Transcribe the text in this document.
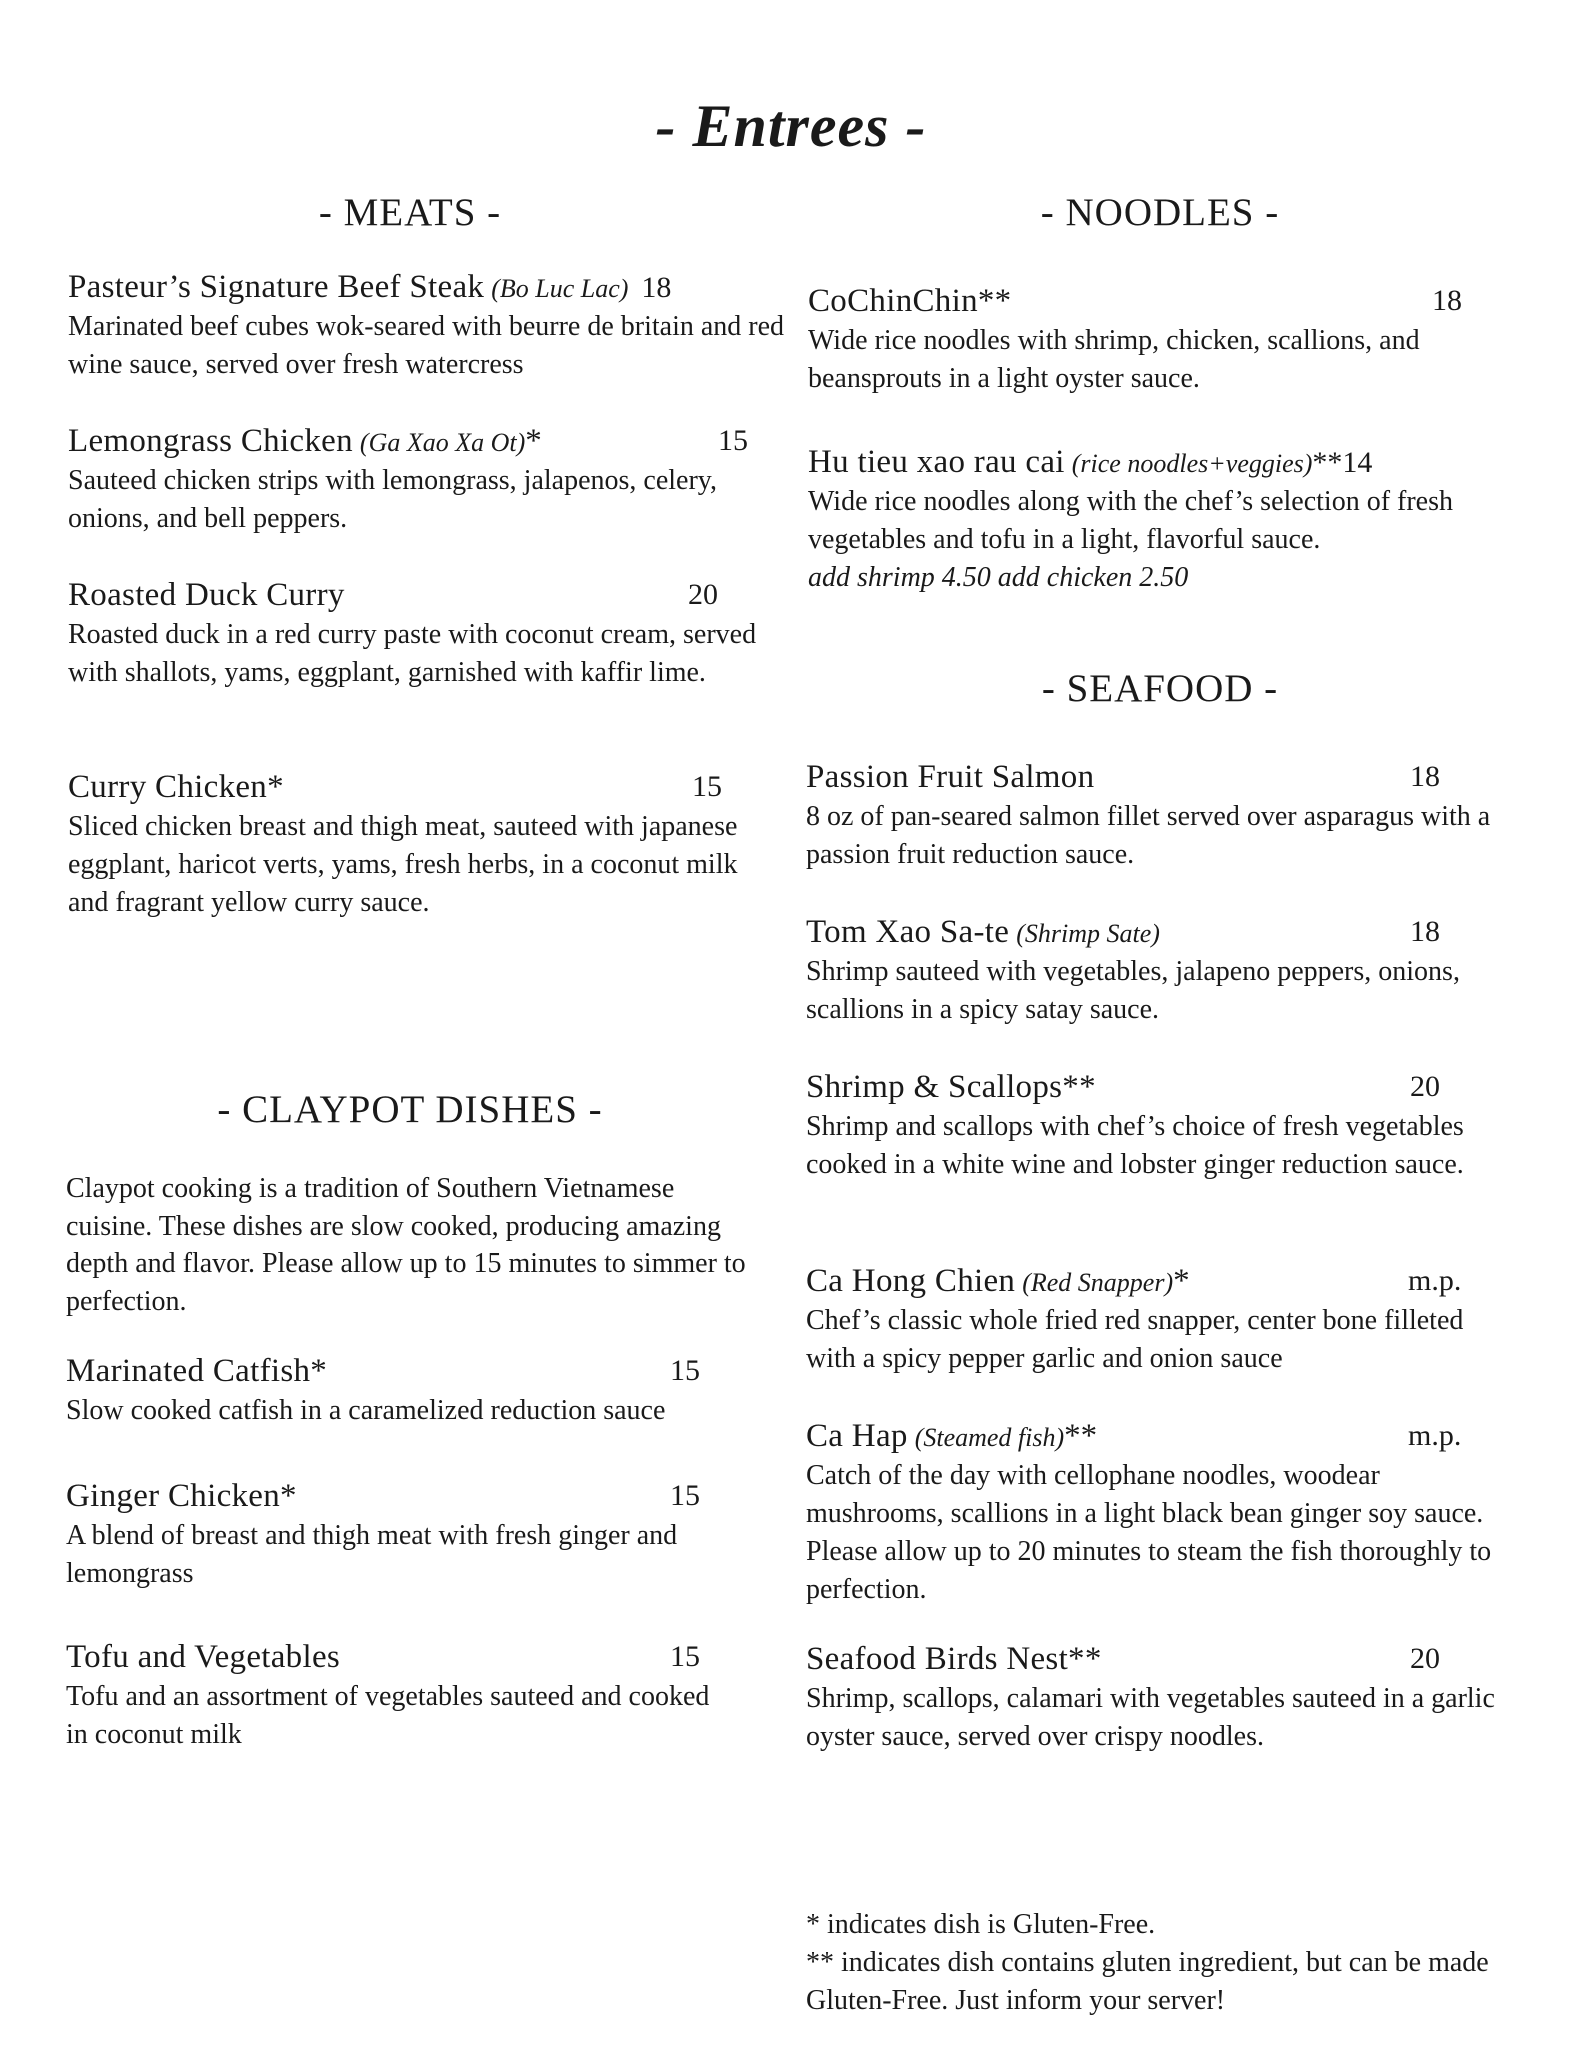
- Entrees -
- MEATS -
Pasteur’s Signature Beef Steak (Bo Luc Lac) 18
Marinated beef cubes wok-seared with beurre de britain and red wine sauce, served over fresh watercress
Lemongrass Chicken (Ga Xao Xa Ot)*	15
Sauteed chicken strips with lemongrass, jalapenos, celery, onions, and bell peppers.
Roasted Duck Curry	20
Roasted duck in a red curry paste with coconut cream, served with shallots, yams, eggplant, garnished with kaffir lime.
Curry Chicken*	15
Sliced chicken breast and thigh meat, sauteed with japanese eggplant, haricot verts, yams, fresh herbs, in a coconut milk and fragrant yellow curry sauce.
- CLAYPOT DISHES -
Claypot cooking is a tradition of Southern Vietnamese cuisine. These dishes are slow cooked, producing amazing depth and flavor. Please allow up to 15 minutes to simmer to perfection.
Marinated Catfish*	15
Slow cooked catfish in a caramelized reduction sauce
Ginger Chicken*	15
A blend of breast and thigh meat with fresh ginger and lemongrass
Tofu and Vegetables	15
Tofu and an assortment of vegetables sauteed and cooked in coconut milk
- NOODLES -
CoChinChin**	18
Wide rice noodles with shrimp, chicken, scallions, and beansprouts in a light oyster sauce.
Hu tieu xao rau cai (rice noodles+veggies)**14
Wide rice noodles along with the chef’s selection of fresh vegetables and tofu in a light, flavorful sauce.
add shrimp 4.50 add chicken 2.50
- SEAFOOD -
Passion Fruit Salmon	18
8 oz of pan-seared salmon fillet served over asparagus with a passion fruit reduction sauce.
Tom Xao Sa-te (Shrimp Sate)	18
Shrimp sauteed with vegetables, jalapeno peppers, onions, scallions in a spicy satay sauce.
Shrimp & Scallops**	20
Shrimp and scallops with chef’s choice of fresh vegetables cooked in a white wine and lobster ginger reduction sauce.
Ca Hong Chien (Red Snapper)*	m.p.
Chef’s classic whole fried red snapper, center bone filleted with a spicy pepper garlic and onion sauce
Ca Hap (Steamed fish)**	m.p.
Catch of the day with cellophane noodles, woodear mushrooms, scallions in a light black bean ginger soy sauce. Please allow up to 20 minutes to steam the fish thoroughly to perfection.
Seafood Birds Nest**	20
Shrimp, scallops, calamari with vegetables sauteed in a garlic oyster sauce, served over crispy noodles.
* indicates dish is Gluten-Free.
** indicates dish contains gluten ingredient, but can be made Gluten-Free. Just inform your server!
